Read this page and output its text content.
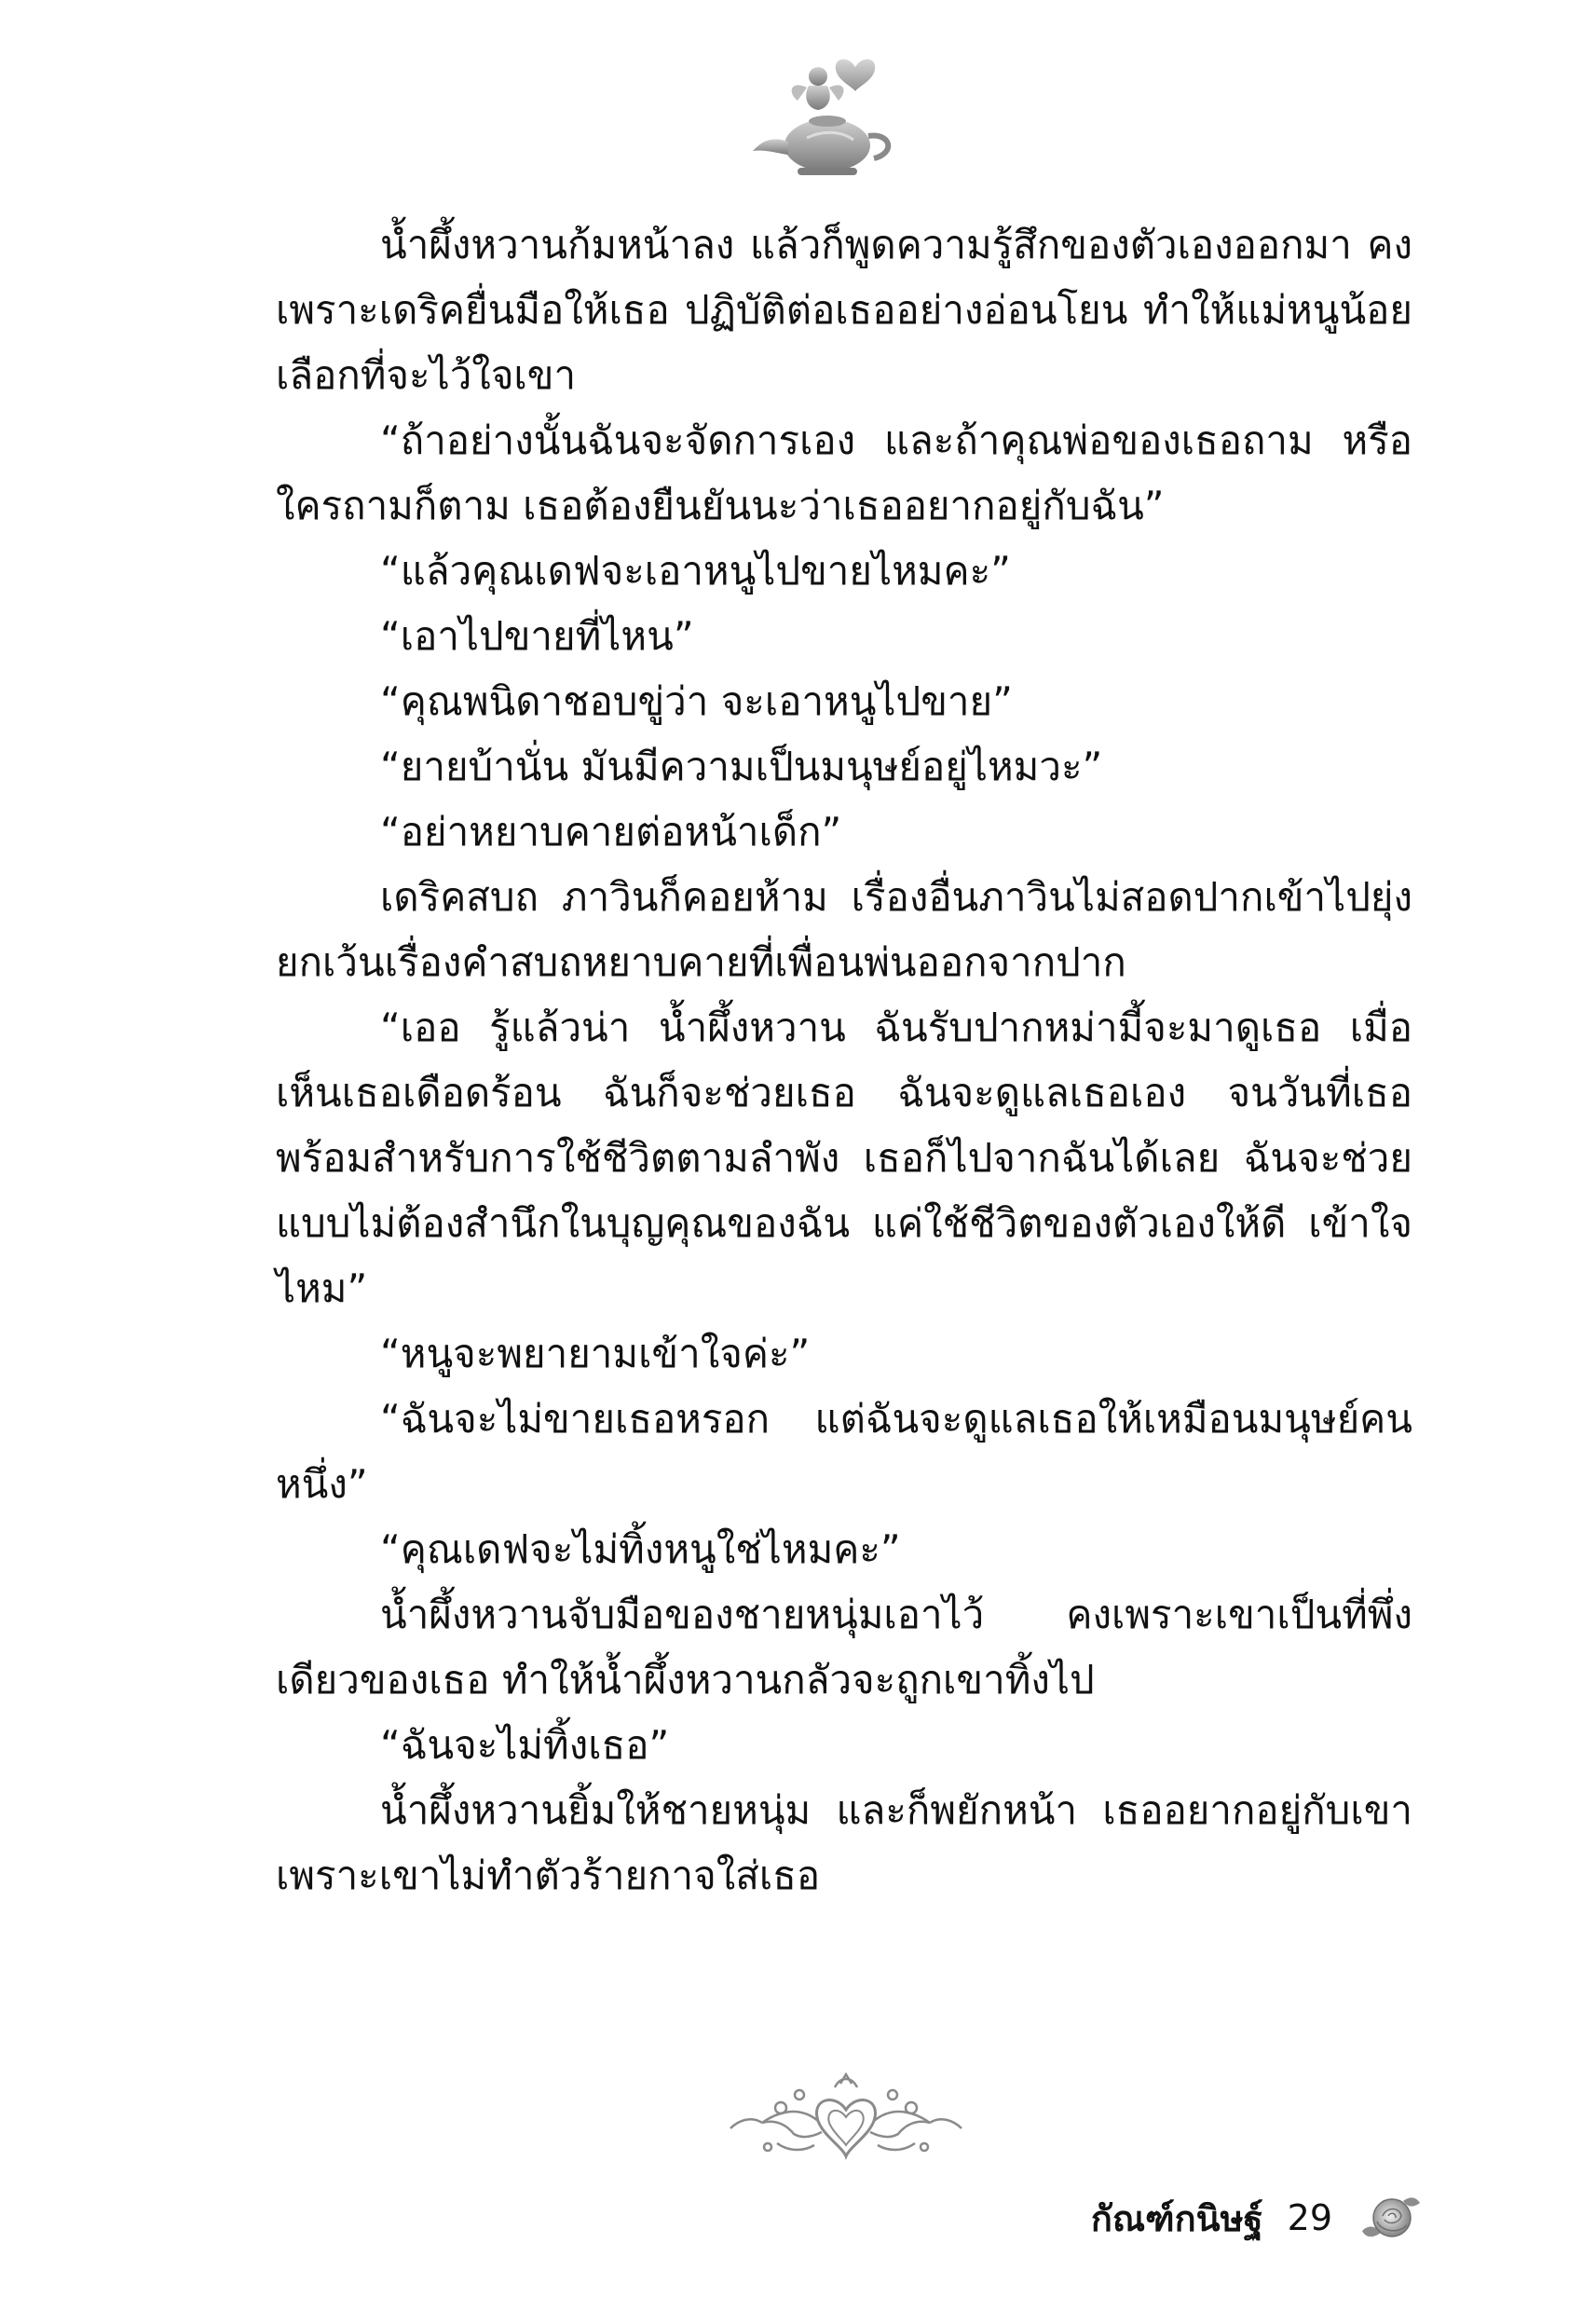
น้ำผึ้งหวานก้มหน้าลง แล้วก็พูดความรู้สึกของตัวเองออกมา คงเพราะเดริคยื่นมือให้เธอ ปฏิบัติต่อเธออย่างอ่อนโยน ทำให้แม่หนูน้อยเลือกที่จะไว้ใจเขา

“ถ้าอย่างนั้นฉันจะจัดการเอง และถ้าคุณพ่อของเธอถาม หรือใครถามก็ตาม เธอต้องยืนยันนะว่าเธออยากอยู่กับฉัน”

“แล้วคุณเดฟจะเอาหนูไปขายไหมคะ”

“เอาไปขายที่ไหน”

“คุณพนิดาชอบขู่ว่า จะเอาหนูไปขาย”

“ยายบ้านั่น มันมีความเป็นมนุษย์อยู่ไหมวะ”

“อย่าหยาบคายต่อหน้าเด็ก”

เดริคสบถ ภาวินก็คอยห้าม เรื่องอื่นภาวินไม่สอดปากเข้าไปยุ่ง ยกเว้นเรื่องคำสบถหยาบคายที่เพื่อนพ่นออกจากปาก

“เออ รู้แล้วน่า น้ำผึ้งหวาน ฉันรับปากหม่ามี้จะมาดูเธอ เมื่อเห็นเธอเดือดร้อน ฉันก็จะช่วยเธอ ฉันจะดูแลเธอเอง จนวันที่เธอพร้อมสำหรับการใช้ชีวิตตามลำพัง เธอก็ไปจากฉันได้เลย ฉันจะช่วยแบบไม่ต้องสำนึกในบุญคุณของฉัน แค่ใช้ชีวิตของตัวเองให้ดี เข้าใจไหม”

“หนูจะพยายามเข้าใจค่ะ”

“ฉันจะไม่ขายเธอหรอก แต่ฉันจะดูแลเธอให้เหมือนมนุษย์คนหนึ่ง”

“คุณเดฟจะไม่ทิ้งหนูใช่ไหมคะ”

น้ำผึ้งหวานจับมือของชายหนุ่มเอาไว้ คงเพราะเขาเป็นที่พึ่งเดียวของเธอ ทำให้น้ำผึ้งหวานกลัวจะถูกเขาทิ้งไป

“ฉันจะไม่ทิ้งเธอ”

น้ำผึ้งหวานยิ้มให้ชายหนุ่ม และก็พยักหน้า เธออยากอยู่กับเขาเพราะเขาไม่ทำตัวร้ายกาจใส่เธอ

กัณฑ์กนิษฐ์ 29
